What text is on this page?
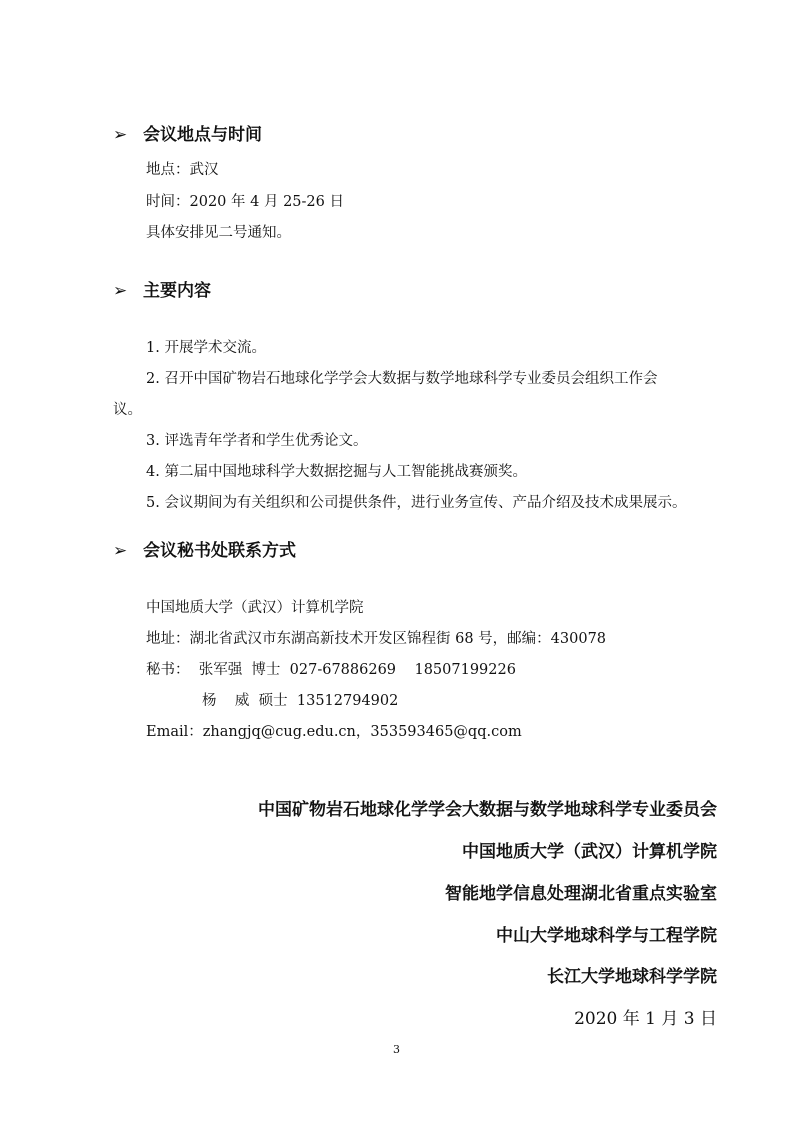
➢ 会议地点与时间
地点：武汉
时间：2020 年 4 月 25-26 日
具体安排见二号通知。
➢ 主要内容
1. 开展学术交流。
2. 召开中国矿物岩石地球化学学会大数据与数学地球科学专业委员会组织工作会
议。
3. 评选青年学者和学生优秀论文。
4. 第二届中国地球科学大数据挖掘与人工智能挑战赛颁奖。
5. 会议期间为有关组织和公司提供条件，进行业务宣传、产品介绍及技术成果展示。
➢ 会议秘书处联系方式
中国地质大学（武汉）计算机学院
地址：湖北省武汉市东湖高新技术开发区锦程街 68 号，邮编：430078
秘书：  张军强  博士  027-67886269    18507199226
杨    威  硕士  13512794902
Email：zhangjq@cug.edu.cn，353593465@qq.com
中国矿物岩石地球化学学会大数据与数学地球科学专业委员会
中国地质大学（武汉）计算机学院
智能地学信息处理湖北省重点实验室
中山大学地球科学与工程学院
长江大学地球科学学院
2020 年 1 月 3 日
3
